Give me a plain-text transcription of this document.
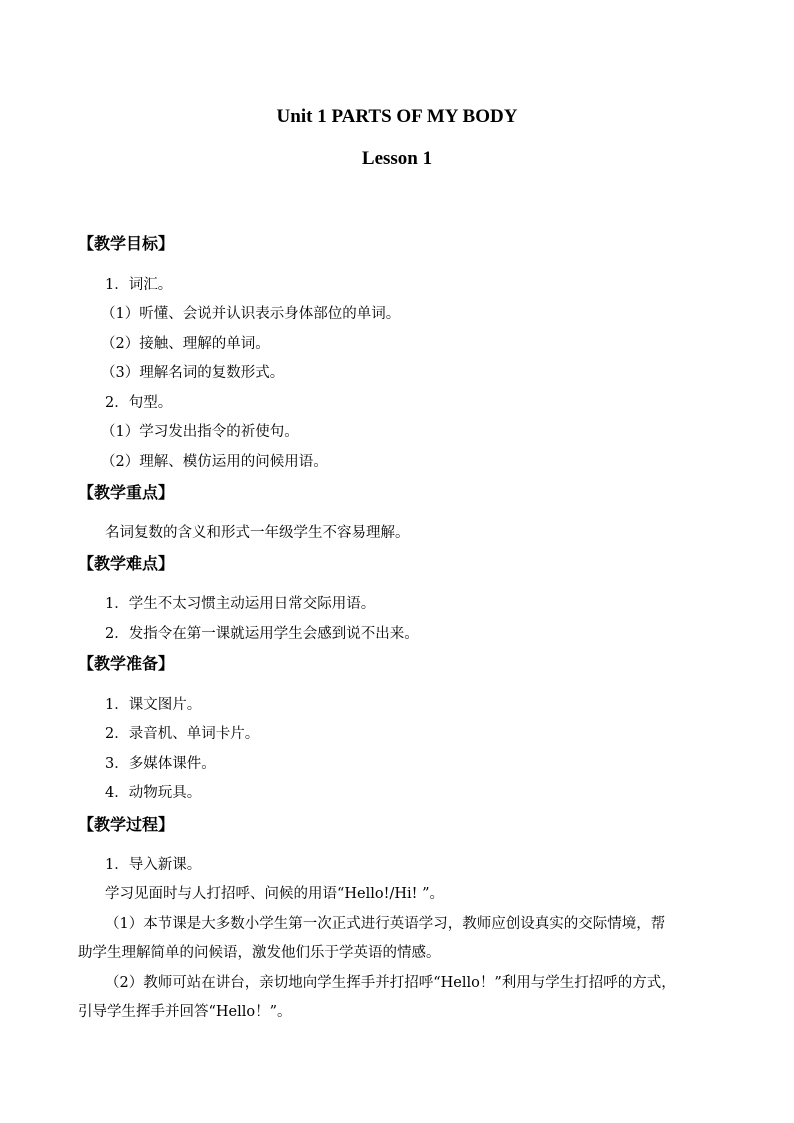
Unit 1 PARTS OF MY BODY
Lesson 1
【教学目标】
1．词汇。
（1）听懂、会说并认识表示身体部位的单词。
（2）接触、理解的单词。
（3）理解名词的复数形式。
2．句型。
（1）学习发出指令的祈使句。
（2）理解、模仿运用的问候用语。
【教学重点】
名词复数的含义和形式一年级学生不容易理解。
【教学难点】
1．学生不太习惯主动运用日常交际用语。
2．发指令在第一课就运用学生会感到说不出来。
【教学准备】
1．课文图片。
2．录音机、单词卡片。
3．多媒体课件。
4．动物玩具。
【教学过程】
1．导入新课。
学习见面时与人打招呼、问候的用语“Hello!/Hi! ”。
（1）本节课是大多数小学生第一次正式进行英语学习，教师应创设真实的交际情境，帮
助学生理解简单的问候语，激发他们乐于学英语的情感。
（2）教师可站在讲台，亲切地向学生挥手并打招呼“Hello！”利用与学生打招呼的方式，
引导学生挥手并回答“Hello！”。
